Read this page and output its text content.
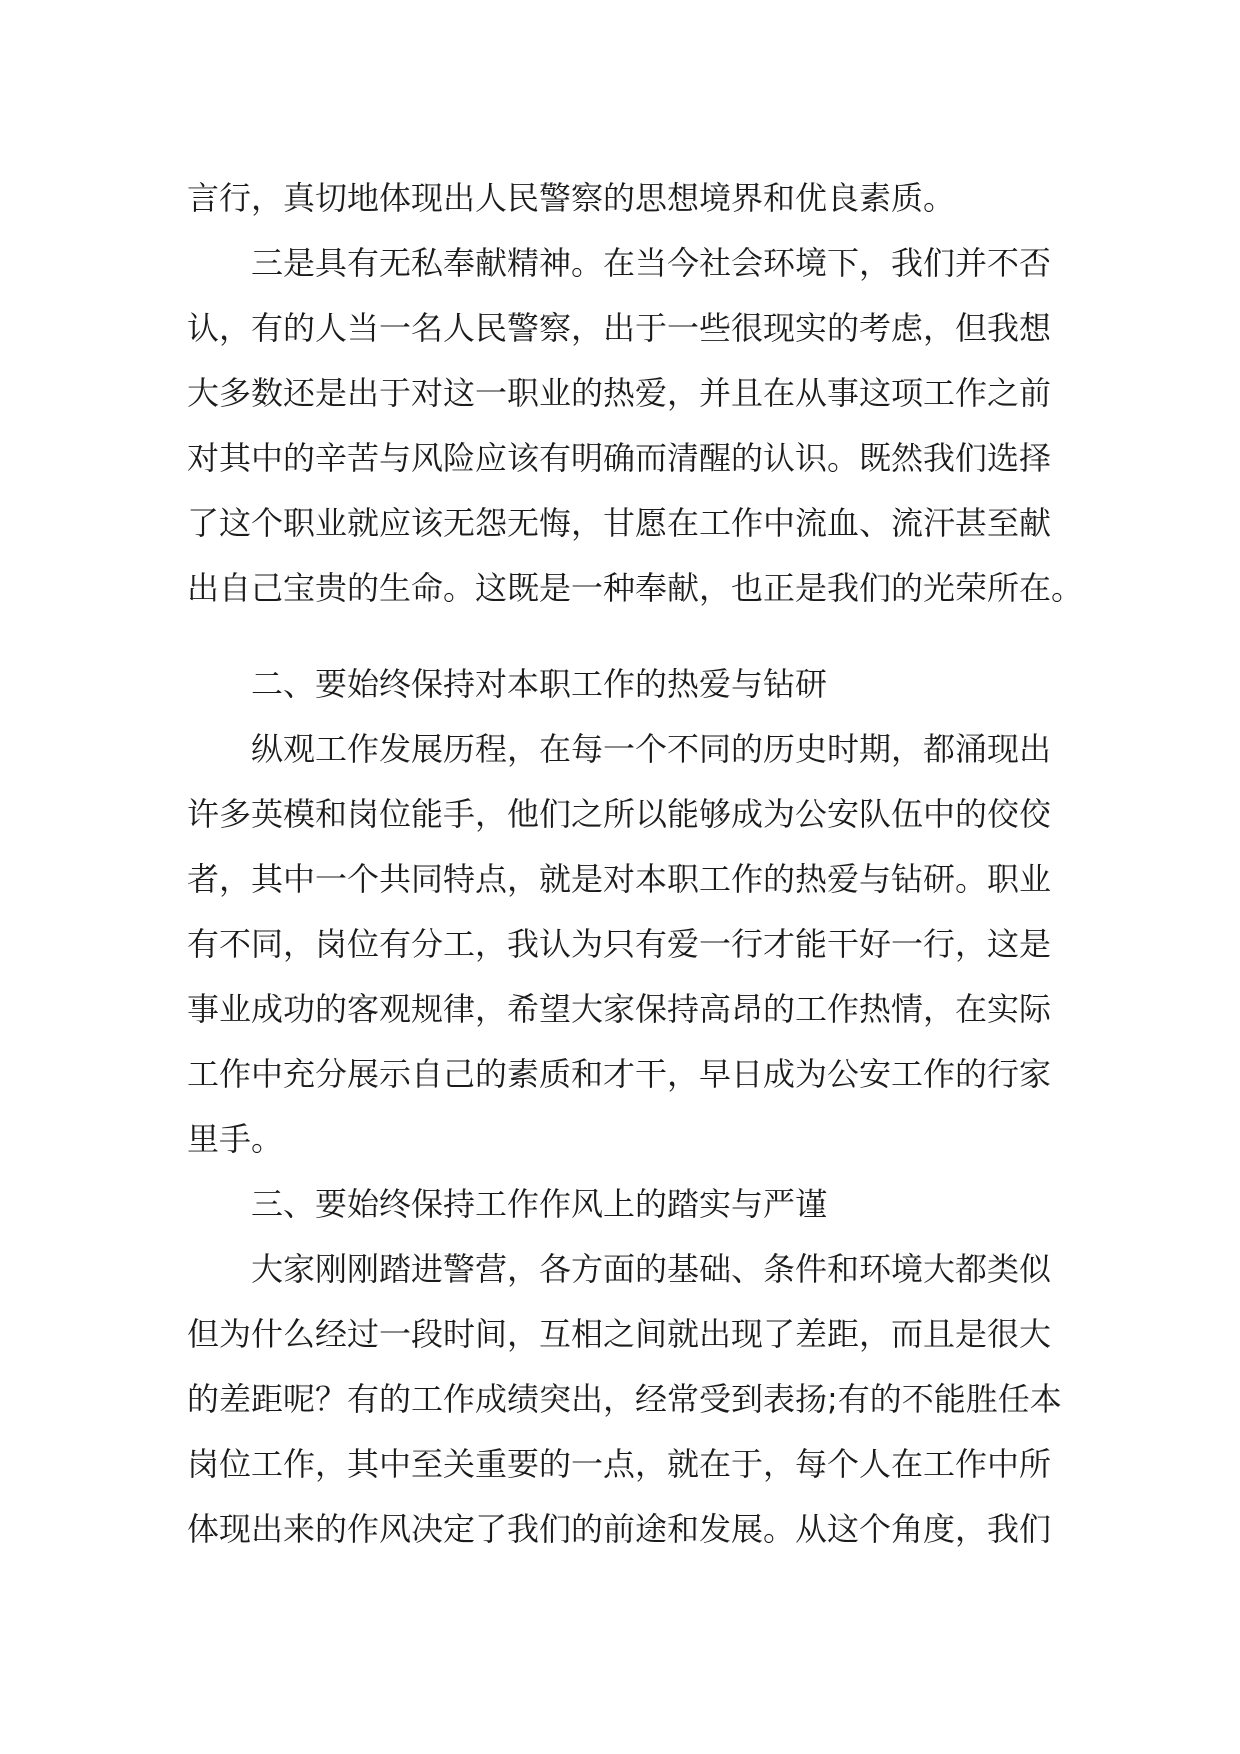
言行，真切地体现出人民警察的思想境界和优良素质。

三是具有无私奉献精神。在当今社会环境下，我们并不否
认，有的人当一名人民警察，出于一些很现实的考虑，但我想
大多数还是出于对这一职业的热爱，并且在从事这项工作之前
对其中的辛苦与风险应该有明确而清醒的认识。既然我们选择
了这个职业就应该无怨无悔，甘愿在工作中流血、流汗甚至献
出自己宝贵的生命。这既是一种奉献，也正是我们的光荣所在。

二、要始终保持对本职工作的热爱与钻研

纵观工作发展历程，在每一个不同的历史时期，都涌现出
许多英模和岗位能手，他们之所以能够成为公安队伍中的佼佼
者，其中一个共同特点，就是对本职工作的热爱与钻研。职业
有不同，岗位有分工，我认为只有爱一行才能干好一行，这是
事业成功的客观规律，希望大家保持高昂的工作热情，在实际
工作中充分展示自己的素质和才干，早日成为公安工作的行家
里手。

三、要始终保持工作作风上的踏实与严谨

大家刚刚踏进警营，各方面的基础、条件和环境大都类似
但为什么经过一段时间，互相之间就出现了差距，而且是很大
的差距呢？有的工作成绩突出，经常受到表扬;有的不能胜任本
岗位工作，其中至关重要的一点，就在于，每个人在工作中所
体现出来的作风决定了我们的前途和发展。从这个角度，我们
